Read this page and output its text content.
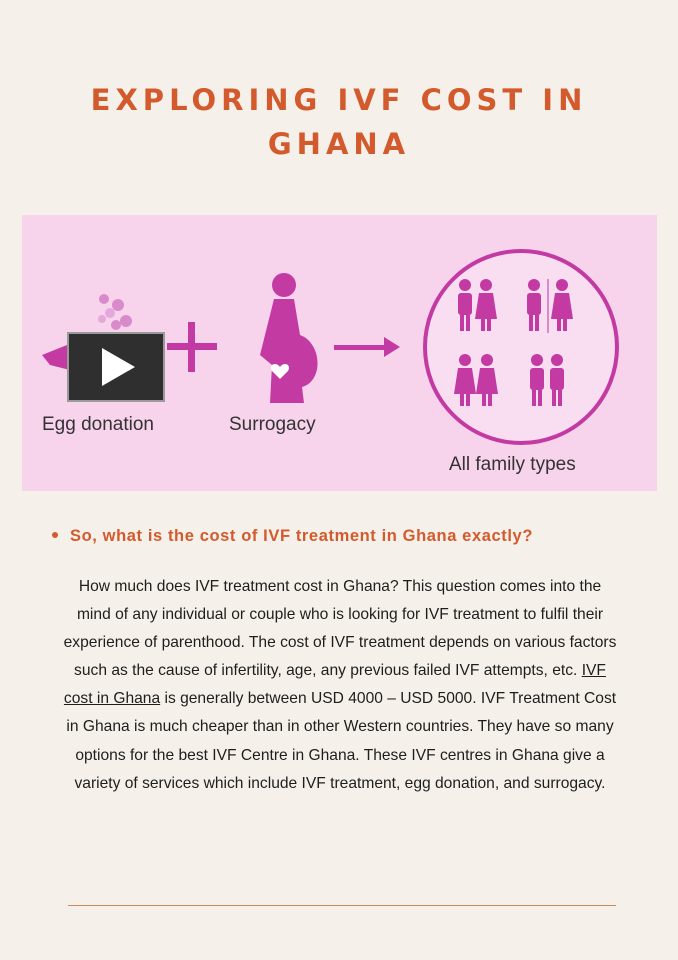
EXPLORING IVF COST IN
GHANA
Egg donation	Surrogacy
All family types
So, what is the cost of IVF treatment in Ghana exactly?

How much does IVF treatment cost in Ghana? This question comes into the mind of any individual or couple who is looking for IVF treatment to fulfil their experience of parenthood. The cost of IVF treatment depends on various factors such as the cause of infertility, age, any previous failed IVF attempts, etc. IVF cost in Ghana is generally between USD 4000 – USD 5000. IVF Treatment Cost in Ghana is much cheaper than in other Western countries. They have so many options for the best IVF Centre in Ghana. These IVF centres in Ghana give a variety of services which include IVF treatment, egg donation, and surrogacy.
